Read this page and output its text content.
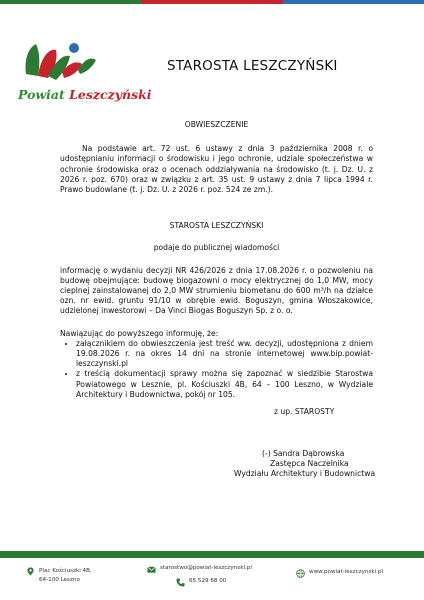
Powiat Leszczyński
STAROSTA LESZCZYŃSKI

OBWIESZCZENIE

Na podstawie art. 72 ust. 6 ustawy z dnia 3 października 2008 r. o udostępnianiu informacji o środowisku i jego ochronie, udziale społeczeństwa w ochronie środowiska oraz o ocenach oddziaływania na środowisko (t. j. Dz. U. z 2026 r. poz. 670) oraz w związku z art. 35 ust. 9 ustawy z dnia 7 lipca 1994 r. Prawo budowlane (t. j. Dz. U. z 2026 r. poz. 524 ze zm.).

STAROSTA LESZCZYŃSKI

podaje do publicznej wiadomości

informację o wydaniu decyzji NR 426/2026 z dnia 17.08.2026 r. o pozwoleniu na budowę obejmujące: budowę biogazowni o mocy elektrycznej do 1,0 MW, mocy cieplnej zainstalowanej do 2,0 MW strumieniu biometanu do 600 m³/h na działce ozn. nr ewid. gruntu 91/10 w obrębie ewid. Boguszyn, gmina Włoszakowice, udzielonej inwestorowi – Da Vinci Biogas Boguszyn Sp. z o. o.

Nawiązując do powyższego informuję, że:

• załącznikiem do obwieszczenia jest treść ww. decyzji, udostępniona z dniem 19.08.2026 r. na okres 14 dni na stronie internetowej www.bip.powiat-leszczynski.pl
• z treścią dokumentacji sprawy można się zapoznać w siedzibie Starostwa Powiatowego w Lesznie, pl. Kościuszki 4B, 64 – 100 Leszno, w Wydziale Architektury i Budownictwa, pokój nr 105.

z up. STAROSTY

(-) Sandra Dąbrowska

Zastępca Naczelnika

Wydziału Architektury i Budownictwa

Plac Kościuszki 4B,
64-100 Leszno
starostwo@powiat-leszczynski.pl
65 529 68 00
www.powiat-leszczynski.pl
